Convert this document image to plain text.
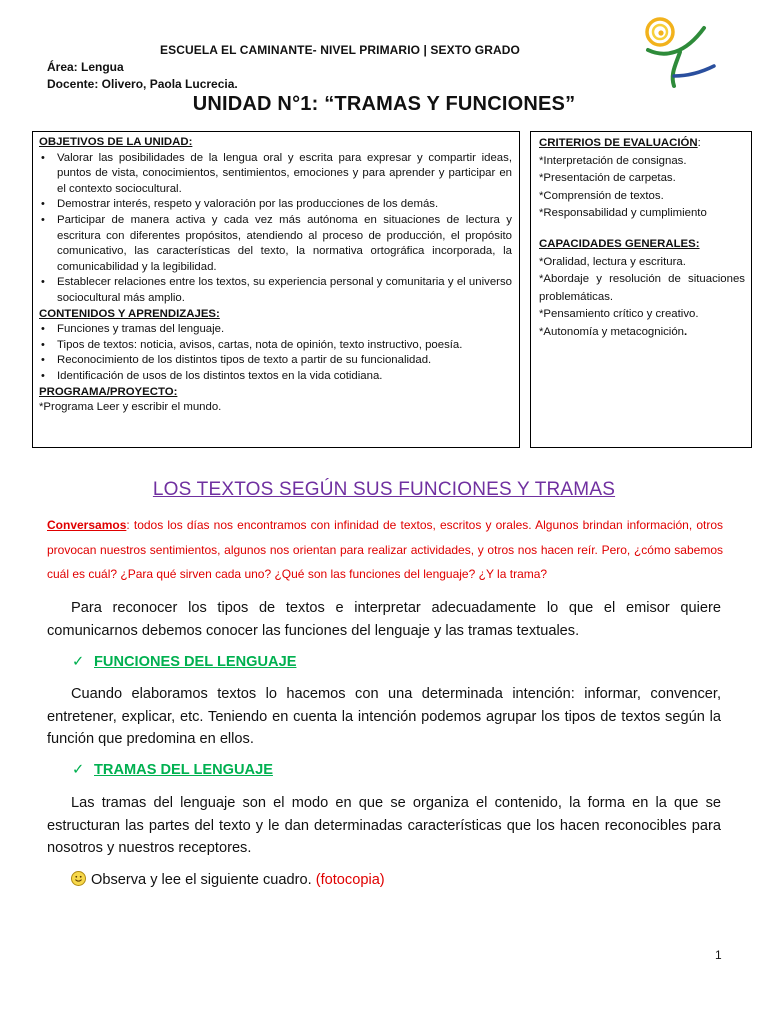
ESCUELA EL CAMINANTE- NIVEL PRIMARIO | SEXTO GRADO
Área: Lengua
Docente: Olivero, Paola Lucrecia.
UNIDAD N°1: “TRAMAS Y FUNCIONES”
OBJETIVOS DE LA UNIDAD:
• Valorar las posibilidades de la lengua oral y escrita para expresar y compartir ideas, puntos de vista, conocimientos, sentimientos, emociones y para aprender y participar en el contexto sociocultural.
• Demostrar interés, respeto y valoración por las producciones de los demás.
• Participar de manera activa y cada vez más autónoma en situaciones de lectura y escritura con diferentes propósitos, atendiendo al proceso de producción, el propósito comunicativo, las características del texto, la normativa ortográfica incorporada, la comunicabilidad y la legibilidad.
• Establecer relaciones entre los textos, su experiencia personal y comunitaria y el universo sociocultural más amplio.
CONTENIDOS Y APRENDIZAJES:
• Funciones y tramas del lenguaje.
• Tipos de textos: noticia, avisos, cartas, nota de opinión, texto instructivo, poesía.
• Reconocimiento de los distintos tipos de texto a partir de su funcionalidad.
• Identificación de usos de los distintos textos en la vida cotidiana.
PROGRAMA/PROYECTO:
*Programa Leer y escribir el mundo.
CRITERIOS DE EVALUACIÓN:
*Interpretación de consignas.
*Presentación de carpetas.
*Comprensión de textos.
*Responsabilidad y cumplimiento
CAPACIDADES GENERALES:
*Oralidad, lectura y escritura.
*Abordaje y resolución de situaciones problemáticas.
*Pensamiento crítico y creativo.
*Autonomía y metacognición.
LOS TEXTOS SEGÚN SUS FUNCIONES Y TRAMAS
Conversamos: todos los días nos encontramos con infinidad de textos, escritos y orales. Algunos brindan información, otros provocan nuestros sentimientos, algunos nos orientan para realizar actividades, y otros nos hacen reír. Pero, ¿cómo sabemos cuál es cuál? ¿Para qué sirven cada uno? ¿Qué son las funciones del lenguaje? ¿Y la trama?
Para reconocer los tipos de textos e interpretar adecuadamente lo que el emisor quiere comunicarnos debemos conocer las funciones del lenguaje y las tramas textuales.
✓ FUNCIONES DEL LENGUAJE
Cuando elaboramos textos lo hacemos con una determinada intención: informar, convencer, entretener, explicar, etc. Teniendo en cuenta la intención podemos agrupar los tipos de textos según la función que predomina en ellos.
✓ TRAMAS DEL LENGUAJE
Las tramas del lenguaje son el modo en que se organiza el contenido, la forma en la que se estructuran las partes del texto y le dan determinadas características que los hacen reconocibles para nosotros y nuestros receptores.
Observa y lee el siguiente cuadro. (fotocopia)
1
